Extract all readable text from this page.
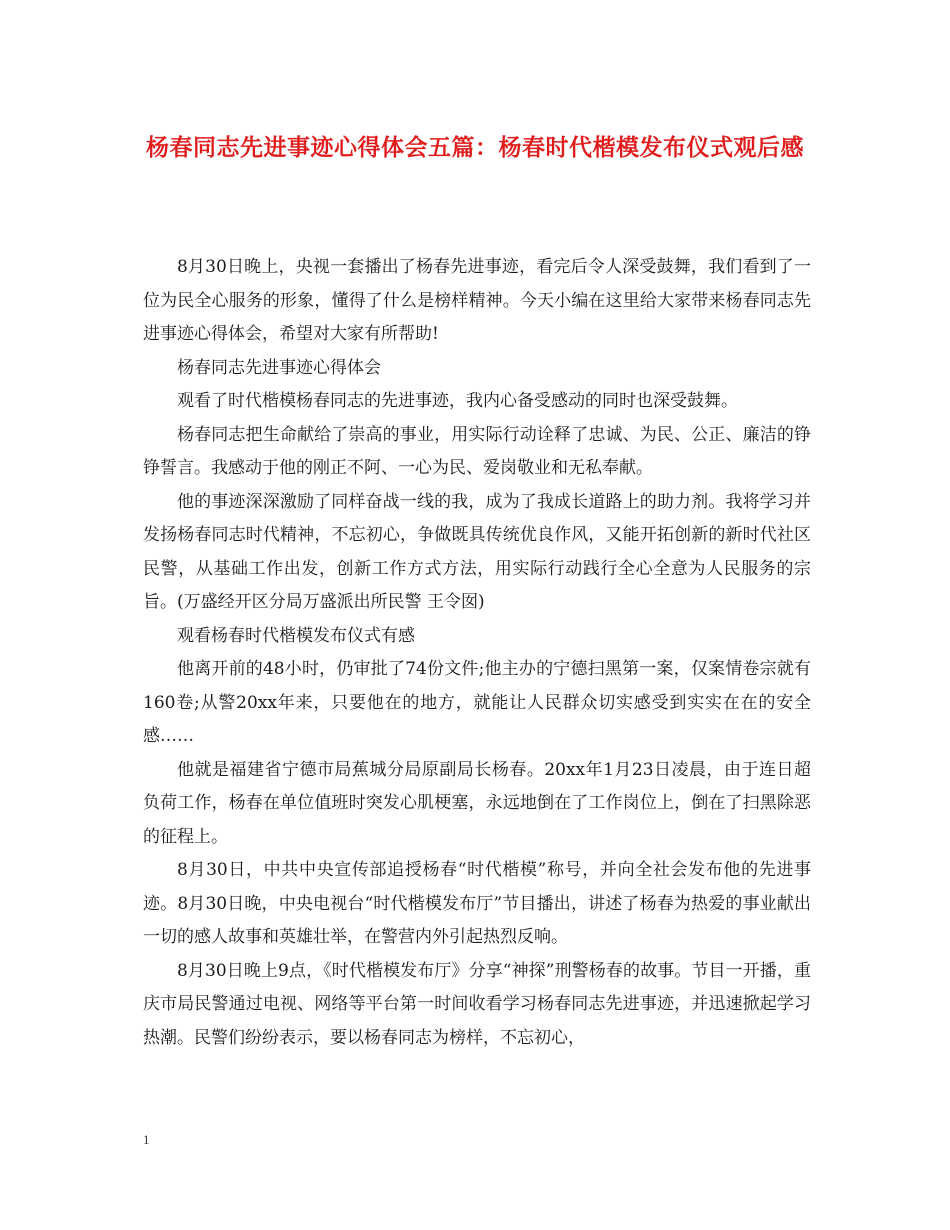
杨春同志先进事迹心得体会五篇：杨春时代楷模发布仪式观后感

8月30日晚上，央视一套播出了杨春先进事迹，看完后令人深受鼓舞，我们看到了一位为民全心服务的形象，懂得了什么是榜样精神。今天小编在这里给大家带来杨春同志先进事迹心得体会，希望对大家有所帮助!

杨春同志先进事迹心得体会

观看了时代楷模杨春同志的先进事迹，我内心备受感动的同时也深受鼓舞。

杨春同志把生命献给了崇高的事业，用实际行动诠释了忠诚、为民、公正、廉洁的铮铮誓言。我感动于他的刚正不阿、一心为民、爱岗敬业和无私奉献。

他的事迹深深激励了同样奋战一线的我，成为了我成长道路上的助力剂。我将学习并发扬杨春同志时代精神，不忘初心，争做既具传统优良作风，又能开拓创新的新时代社区民警，从基础工作出发，创新工作方式方法，用实际行动践行全心全意为人民服务的宗旨。(万盛经开区分局万盛派出所民警 王令囡)

观看杨春时代楷模发布仪式有感

他离开前的48小时，仍审批了74份文件;他主办的宁德扫黑第一案，仅案情卷宗就有160卷;从警20xx年来，只要他在的地方，就能让人民群众切实感受到实实在在的安全感……

他就是福建省宁德市局蕉城分局原副局长杨春。20xx年1月23日凌晨，由于连日超负荷工作，杨春在单位值班时突发心肌梗塞，永远地倒在了工作岗位上，倒在了扫黑除恶的征程上。

8月30日，中共中央宣传部追授杨春“时代楷模”称号，并向全社会发布他的先进事迹。8月30日晚，中央电视台“时代楷模发布厅”节目播出，讲述了杨春为热爱的事业献出一切的感人故事和英雄壮举，在警营内外引起热烈反响。

8月30日晚上9点，《时代楷模发布厅》分享“神探”刑警杨春的故事。节目一开播，重庆市局民警通过电视、网络等平台第一时间收看学习杨春同志先进事迹，并迅速掀起学习热潮。民警们纷纷表示，要以杨春同志为榜样，不忘初心，

1
